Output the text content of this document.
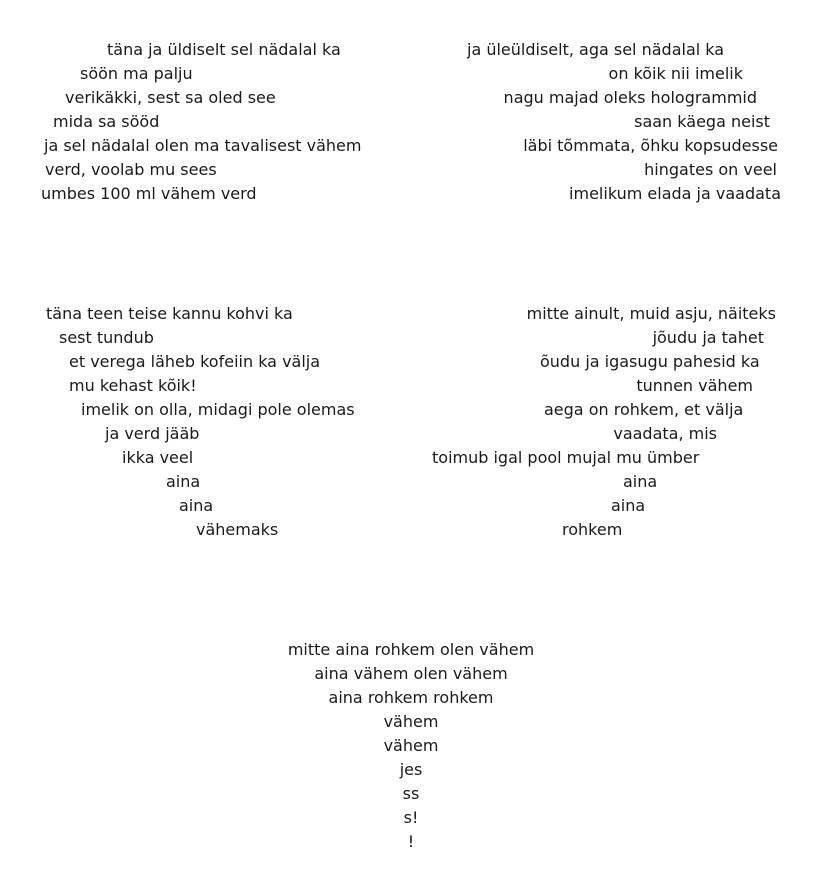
täna ja üldiselt sel nädalal ka
söön ma palju
verikäkki, sest sa oled see
mida sa sööd
ja sel nädalal olen ma tavalisest vähem
verd, voolab mu sees
umbes 100 ml vähem verd
ja üleüldiselt, aga sel nädalal ka
on kõik nii imelik
nagu majad oleks hologrammid
saan käega neist
läbi tõmmata, õhku kopsudesse
hingates on veel
imelikum elada ja vaadata
täna teen teise kannu kohvi ka
sest tundub
et verega läheb kofeiin ka välja
mu kehast kõik!
imelik on olla, midagi pole olemas
ja verd jääb
ikka veel
aina
aina
vähemaks
mitte ainult, muid asju, näiteks
jõudu ja tahet
õudu ja igasugu pahesid ka
tunnen vähem
aega on rohkem, et välja
vaadata, mis
toimub igal pool mujal mu ümber
aina
aina
rohkem
mitte aina rohkem olen vähem
aina vähem olen vähem
aina rohkem rohkem
vähem
vähem
jes
ss
s!
!
